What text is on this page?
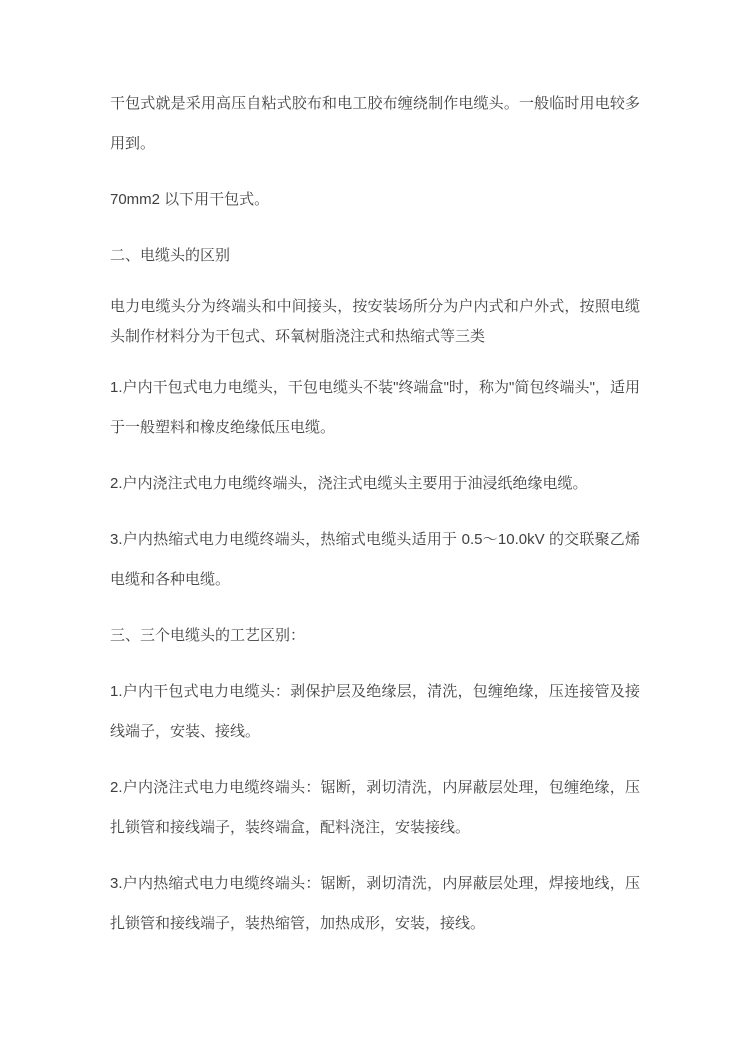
干包式就是采用高压自粘式胶布和电工胶布缠绕制作电缆头。一般临时用电较多用到。

70mm2 以下用干包式。

二、电缆头的区别

电力电缆头分为终端头和中间接头，按安装场所分为户内式和户外式，按照电缆头制作材料分为干包式、环氧树脂浇注式和热缩式等三类

1.户内干包式电力电缆头，干包电缆头不装"终端盒"时，称为"简包终端头"，适用于一般塑料和橡皮绝缘低压电缆。

2.户内浇注式电力电缆终端头，浇注式电缆头主要用于油浸纸绝缘电缆。

3.户内热缩式电力电缆终端头，热缩式电缆头适用于 0.5～10.0kV 的交联聚乙烯电缆和各种电缆。

三、三个电缆头的工艺区别：

1.户内干包式电力电缆头：剥保护层及绝缘层，清洗，包缠绝缘，压连接管及接线端子，安装、接线。

2.户内浇注式电力电缆终端头：锯断，剥切清洗，内屏蔽层处理，包缠绝缘，压扎锁管和接线端子，装终端盒，配料浇注，安装接线。

3.户内热缩式电力电缆终端头：锯断，剥切清洗，内屏蔽层处理，焊接地线，压扎锁管和接线端子，装热缩管，加热成形，安装，接线。
